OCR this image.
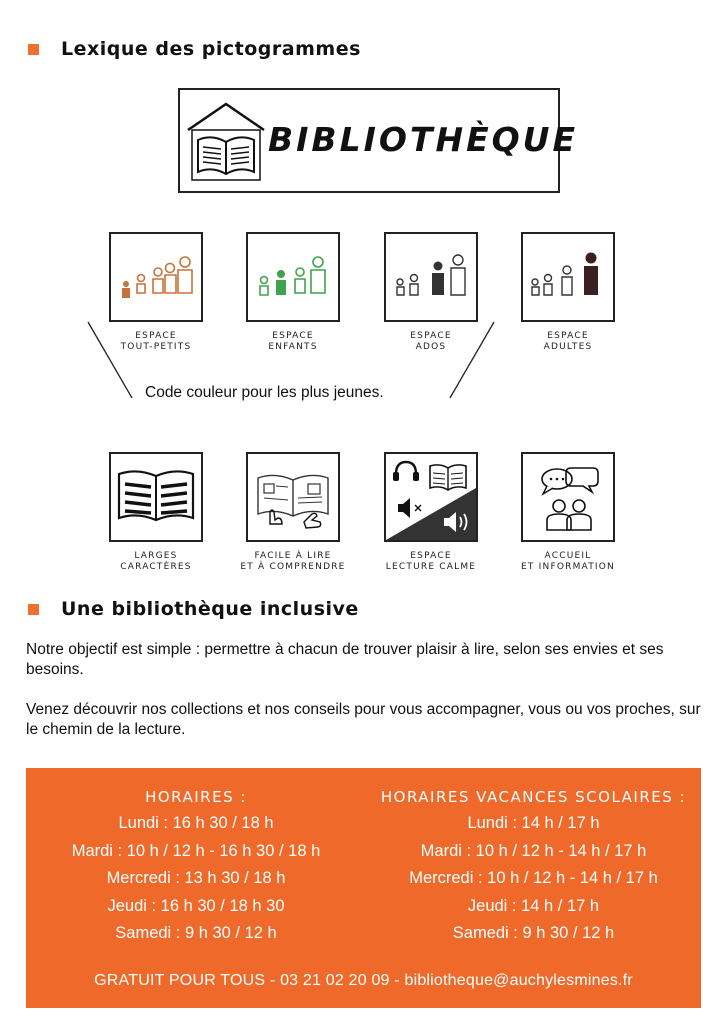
Lexique des pictogrammes
BIBLIOTHÈQUE
ESPACE
TOUT-PETITS
ESPACE
ENFANTS
ESPACE
ADOS
ESPACE
ADULTES
Code couleur pour les plus jeunes.
LARGES
CARACTÈRES
FACILE À LIRE
ET À COMPRENDRE
ESPACE
LECTURE CALME
ACCUEIL
ET INFORMATION
Une bibliothèque inclusive

Notre objectif est simple : permettre à chacun de trouver plaisir à lire, selon ses envies et ses besoins.

Venez découvrir nos collections et nos conseils pour vous accompagner, vous ou vos proches, sur le chemin de la lecture.

HORAIRES :
Lundi : 16 h 30 / 18 h
Mardi : 10 h / 12 h - 16 h 30 / 18 h
Mercredi : 13 h 30 / 18 h
Jeudi : 16 h 30 / 18 h 30
Samedi : 9 h 30 / 12 h
HORAIRES VACANCES SCOLAIRES :
Lundi : 14 h / 17 h
Mardi : 10 h / 12 h - 14 h / 17 h
Mercredi : 10 h / 12 h - 14 h / 17 h
Jeudi : 14 h / 17 h
Samedi : 9 h 30 / 12 h
GRATUIT POUR TOUS - 03 21 02 20 09 - bibliotheque@auchylesmines.fr
